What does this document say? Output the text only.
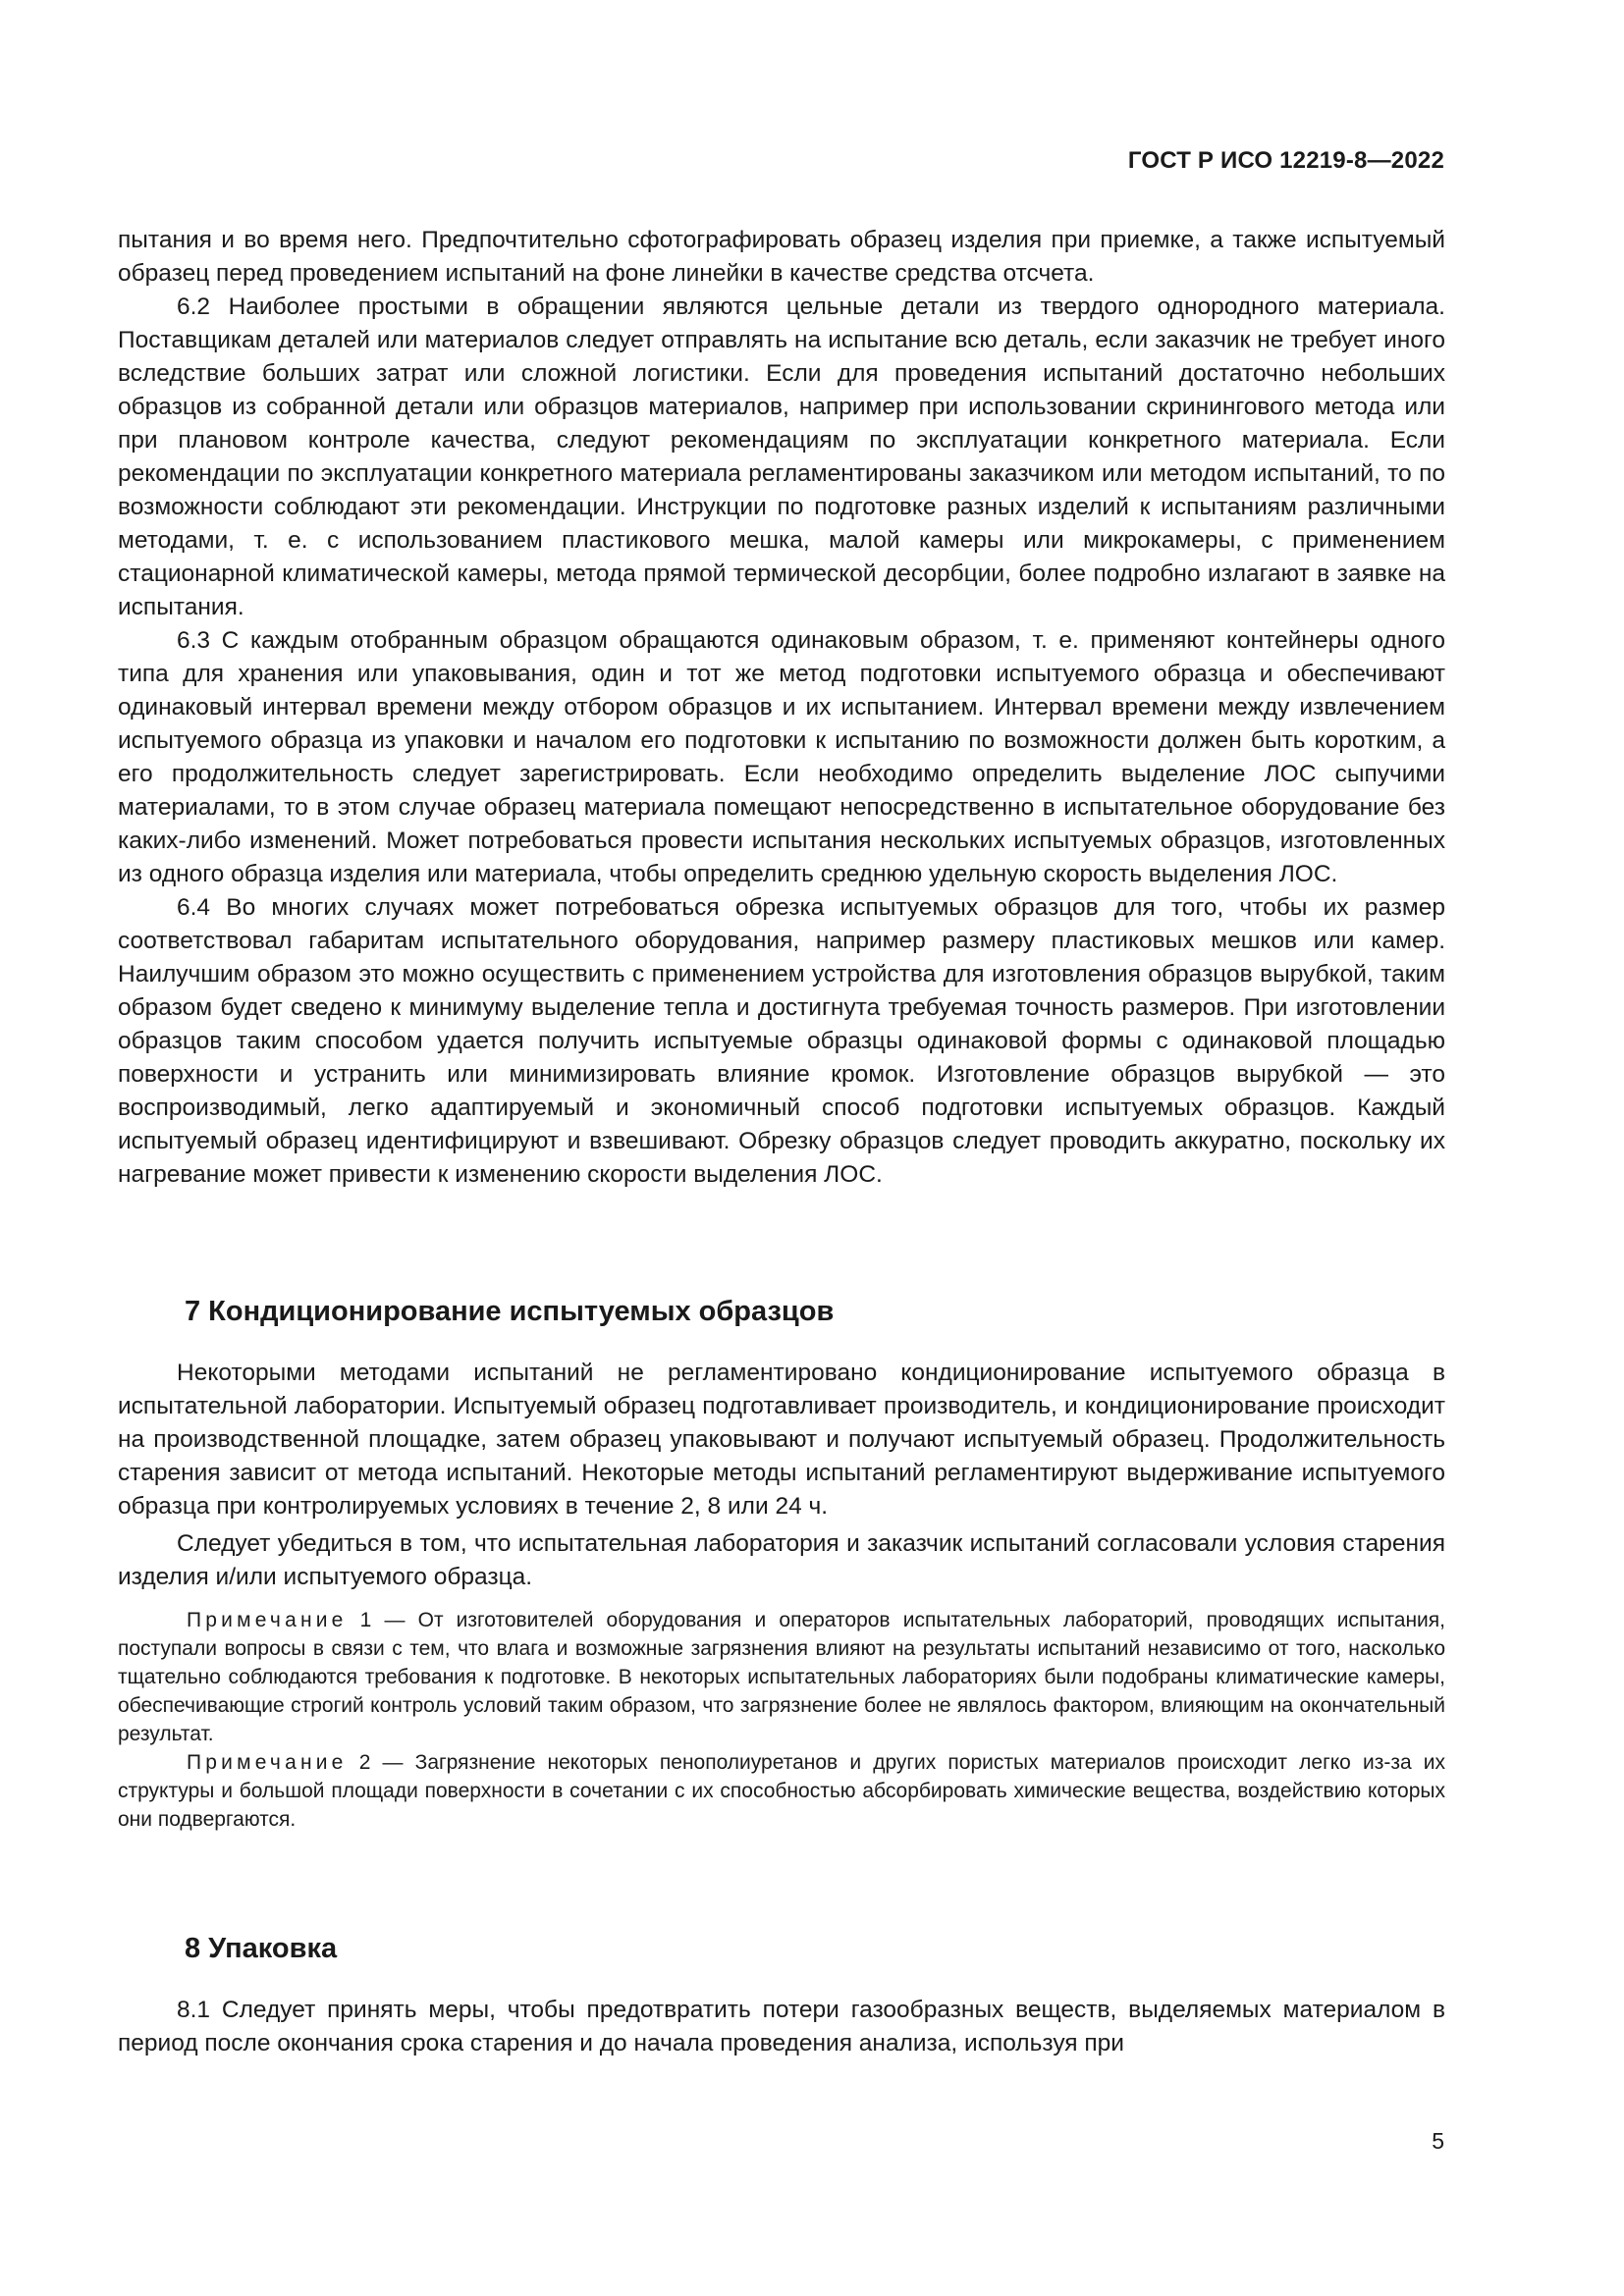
ГОСТ Р ИСО 12219-8—2022

пытания и во время него. Предпочтительно сфотографировать образец изделия при приемке, а также испытуемый образец перед проведением испытаний на фоне линейки в качестве средства отсчета.

6.2 Наиболее простыми в обращении являются цельные детали из твердого однородного материала. Поставщикам деталей или материалов следует отправлять на испытание всю деталь, если заказчик не требует иного вследствие больших затрат или сложной логистики. Если для проведения испытаний достаточно небольших образцов из собранной детали или образцов материалов, например при использовании скринингового метода или при плановом контроле качества, следуют рекомендациям по эксплуатации конкретного материала. Если рекомендации по эксплуатации конкретного материала регламентированы заказчиком или методом испытаний, то по возможности соблюдают эти рекомендации. Инструкции по подготовке разных изделий к испытаниям различными методами, т. е. с использованием пластикового мешка, малой камеры или микрокамеры, с применением стационарной климатической камеры, метода прямой термической десорбции, более подробно излагают в заявке на испытания.

6.3 С каждым отобранным образцом обращаются одинаковым образом, т. е. применяют контейнеры одного типа для хранения или упаковывания, один и тот же метод подготовки испытуемого образца и обеспечивают одинаковый интервал времени между отбором образцов и их испытанием. Интервал времени между извлечением испытуемого образца из упаковки и началом его подготовки к испытанию по возможности должен быть коротким, а его продолжительность следует зарегистрировать. Если необходимо определить выделение ЛОС сыпучими материалами, то в этом случае образец материала помещают непосредственно в испытательное оборудование без каких-либо изменений. Может потребоваться провести испытания нескольких испытуемых образцов, изготовленных из одного образца изделия или материала, чтобы определить среднюю удельную скорость выделения ЛОС.

6.4 Во многих случаях может потребоваться обрезка испытуемых образцов для того, чтобы их размер соответствовал габаритам испытательного оборудования, например размеру пластиковых мешков или камер. Наилучшим образом это можно осуществить с применением устройства для изготовления образцов вырубкой, таким образом будет сведено к минимуму выделение тепла и достигнута требуемая точность размеров. При изготовлении образцов таким способом удается получить испытуемые образцы одинаковой формы с одинаковой площадью поверхности и устранить или минимизировать влияние кромок. Изготовление образцов вырубкой — это воспроизводимый, легко адаптируемый и экономичный способ подготовки испытуемых образцов. Каждый испытуемый образец идентифицируют и взвешивают. Обрезку образцов следует проводить аккуратно, поскольку их нагревание может привести к изменению скорости выделения ЛОС.

7 Кондиционирование испытуемых образцов

Некоторыми методами испытаний не регламентировано кондиционирование испытуемого образца в испытательной лаборатории. Испытуемый образец подготавливает производитель, и кондиционирование происходит на производственной площадке, затем образец упаковывают и получают испытуемый образец. Продолжительность старения зависит от метода испытаний. Некоторые методы испытаний регламентируют выдерживание испытуемого образца при контролируемых условиях в течение 2, 8 или 24 ч.

Следует убедиться в том, что испытательная лаборатория и заказчик испытаний согласовали условия старения изделия и/или испытуемого образца.

Примечание 1 — От изготовителей оборудования и операторов испытательных лабораторий, проводящих испытания, поступали вопросы в связи с тем, что влага и возможные загрязнения влияют на результаты испытаний независимо от того, насколько тщательно соблюдаются требования к подготовке. В некоторых испытательных лабораториях были подобраны климатические камеры, обеспечивающие строгий контроль условий таким образом, что загрязнение более не являлось фактором, влияющим на окончательный результат.

Примечание 2 — Загрязнение некоторых пенополиуретанов и других пористых материалов происходит легко из-за их структуры и большой площади поверхности в сочетании с их способностью абсорбировать химические вещества, воздействию которых они подвергаются.

8 Упаковка

8.1 Следует принять меры, чтобы предотвратить потери газообразных веществ, выделяемых материалом в период после окончания срока старения и до начала проведения анализа, используя при

5
